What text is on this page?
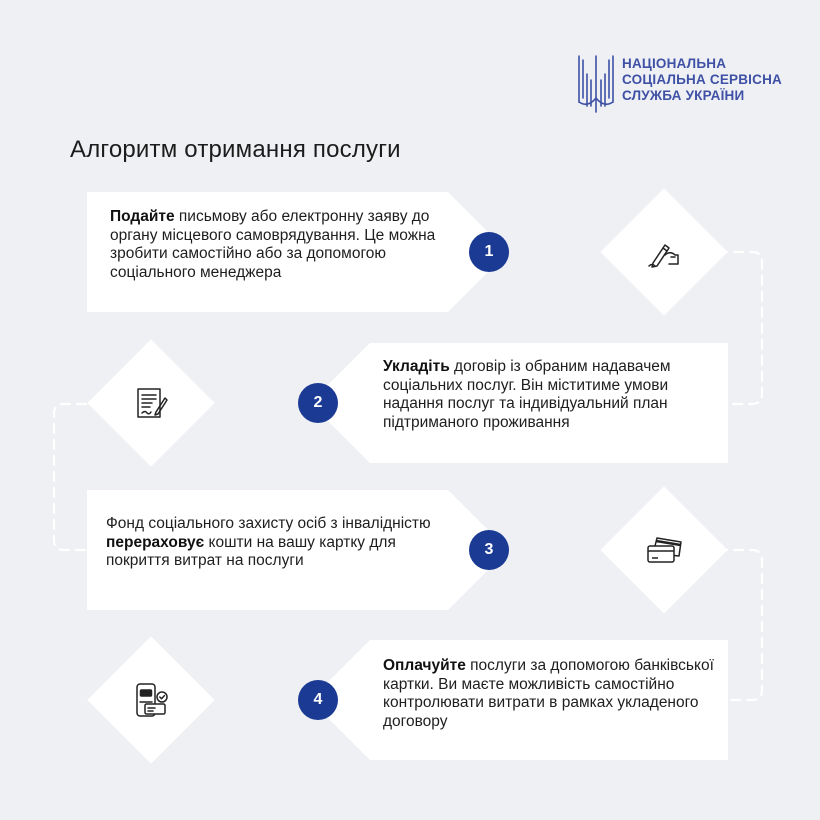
НАЦІОНАЛЬНА
СОЦІАЛЬНА СЕРВІСНА
СЛУЖБА УКРАЇНИ
Алгоритм отримання послуги
Подайте письмову або електронну заяву до органу місцевого самоврядування. Це можна зробити самостійно або за допомогою соціального менеджера
1
Укладіть договір із обраним надавачем соціальних послуг. Він міститиме умови надання послуг та індивідуальний план підтриманого проживання
2
Фонд соціального захисту осіб з інвалідністю перераховує кошти на вашу картку для покриття витрат на послуги
3
Оплачуйте послуги за допомогою банківської картки. Ви маєте можливість самостійно контролювати витрати в рамках укладеного договору
4
